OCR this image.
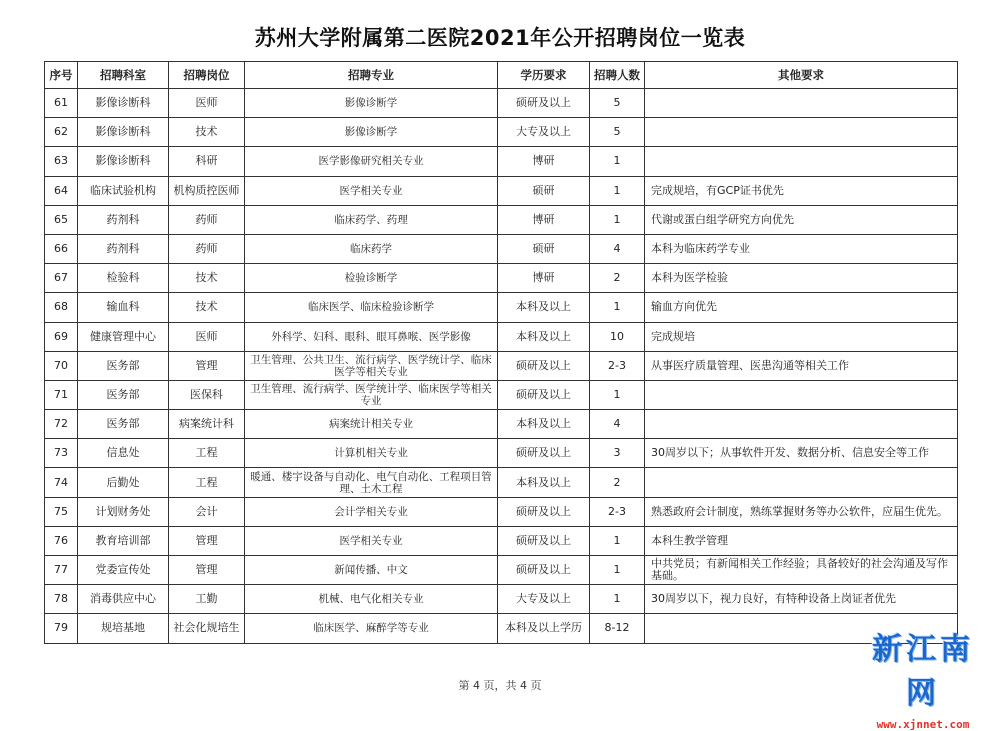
苏州大学附属第二医院2021年公开招聘岗位一览表
序号	招聘科室	招聘岗位	招聘专业	学历要求	招聘人数	其他要求
61	影像诊断科	医师	影像诊断学	硕研及以上	5	
62	影像诊断科	技术	影像诊断学	大专及以上	5	
63	影像诊断科	科研	医学影像研究相关专业	博研	1	
64	临床试验机构	机构质控医师	医学相关专业	硕研	1	完成规培，有GCP证书优先
65	药剂科	药师	临床药学、药理	博研	1	代谢或蛋白组学研究方向优先
66	药剂科	药师	临床药学	硕研	4	本科为临床药学专业
67	检验科	技术	检验诊断学	博研	2	本科为医学检验
68	输血科	技术	临床医学、临床检验诊断学	本科及以上	1	输血方向优先
69	健康管理中心	医师	外科学、妇科、眼科、眼耳鼻喉、医学影像	本科及以上	10	完成规培
70	医务部	管理	卫生管理、公共卫生、流行病学、医学统计学、临床医学等相关专业	硕研及以上	2-3	从事医疗质量管理、医患沟通等相关工作
71	医务部	医保科	卫生管理、流行病学、医学统计学、临床医学等相关专业	硕研及以上	1	
72	医务部	病案统计科	病案统计相关专业	本科及以上	4	
73	信息处	工程	计算机相关专业	硕研及以上	3	30周岁以下；从事软件开发、数据分析、信息安全等工作
74	后勤处	工程	暖通、楼宇设备与自动化、电气自动化、工程项目管理、土木工程	本科及以上	2	
75	计划财务处	会计	会计学相关专业	硕研及以上	2-3	熟悉政府会计制度，熟练掌握财务等办公软件，应届生优先。
76	教育培训部	管理	医学相关专业	硕研及以上	1	本科生教学管理
77	党委宣传处	管理	新闻传播、中文	硕研及以上	1	中共党员；有新闻相关工作经验；具备较好的社会沟通及写作基础。
78	消毒供应中心	工勤	机械、电气化相关专业	大专及以上	1	30周岁以下，视力良好，有特种设备上岗证者优先
79	规培基地	社会化规培生	临床医学、麻醉学等专业	本科及以上学历	8-12	
第 4 页，共 4 页
新江南网
www.xjnnet.com
